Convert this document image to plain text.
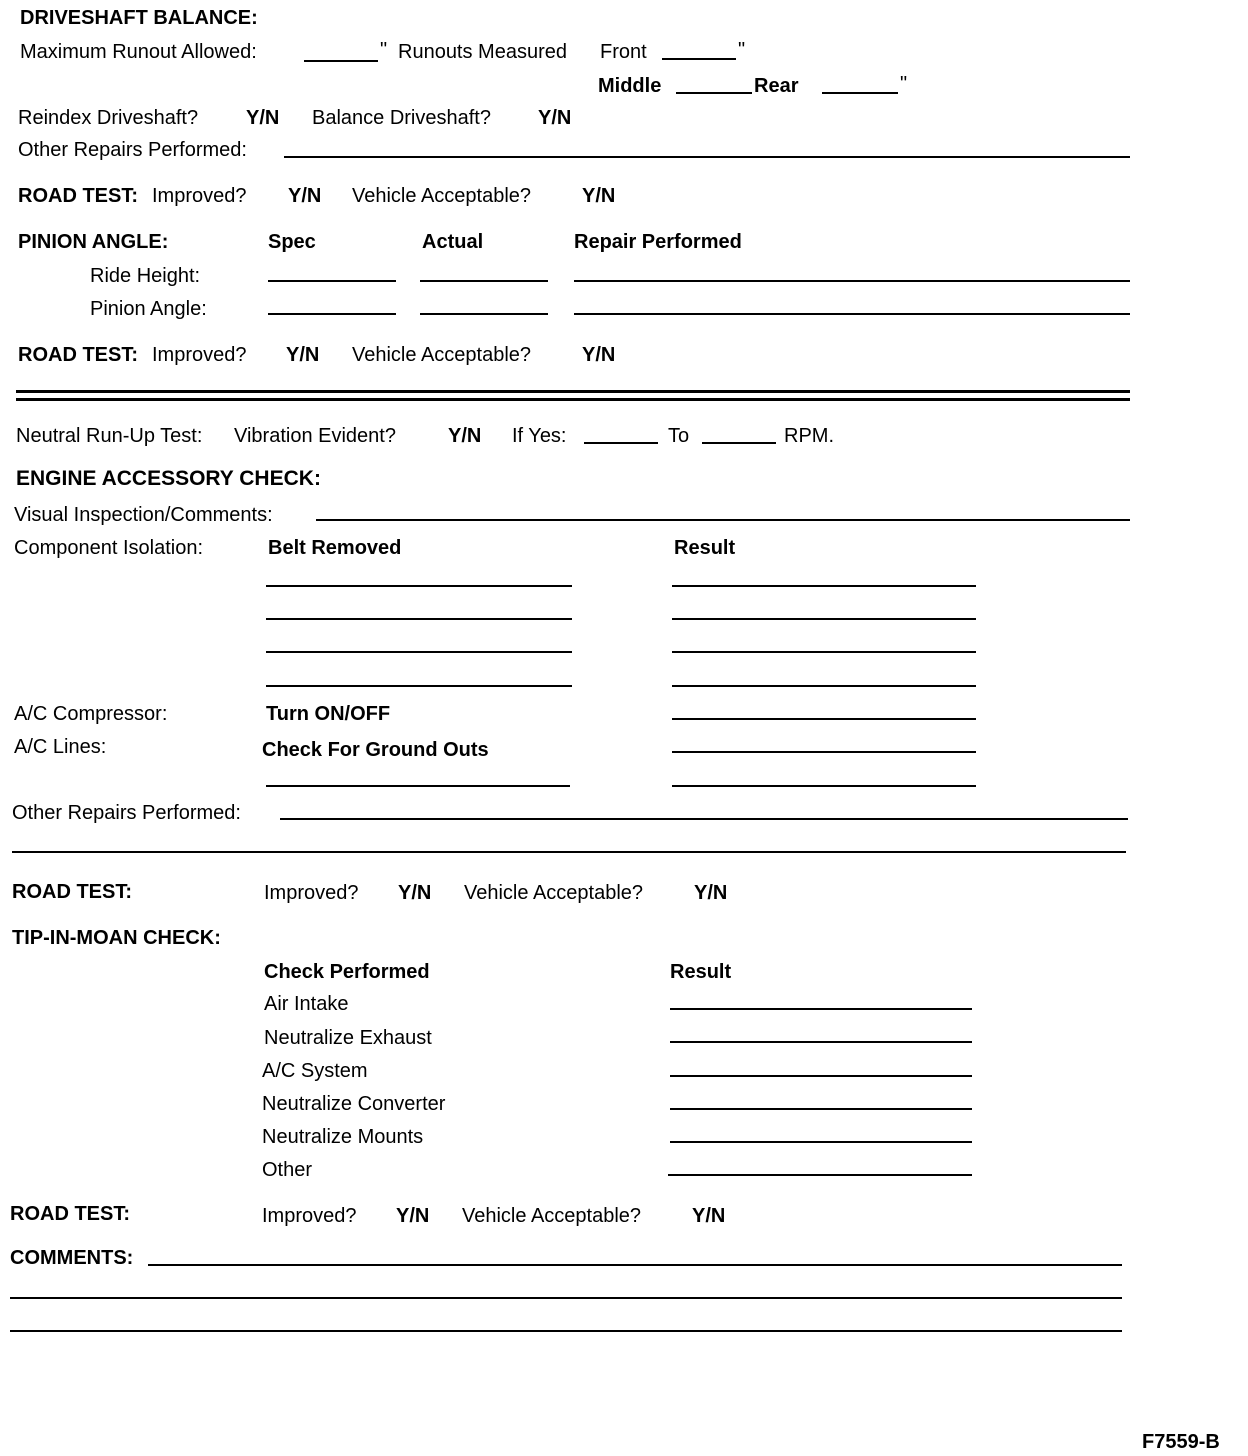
DRIVESHAFT BALANCE:
Maximum Runout Allowed:	" Runouts Measured Front	"
Middle	Rear	"
Reindex Driveshaft? Y/N Balance Driveshaft? Y/N
Other Repairs Performed:
ROAD TEST: Improved? Y/N Vehicle Acceptable?	Y/N
PINION ANGLE:	Spec	Actual	Repair Performed
Ride Height:
Pinion Angle:
ROAD TEST: Improved? Y/N Vehicle Acceptable?	Y/N
Neutral Run-Up Test: Vibration Evident?	Y/N If Yes:	To	RPM.
ENGINE ACCESSORY CHECK:
Visual Inspection/Comments:
Component Isolation:	Belt Removed	Result
A/C Compressor:	Turn ON/OFF
A/C Lines:	Check For Ground Outs
Other Repairs Performed:
ROAD TEST:	Improved? Y/N Vehicle Acceptable?	Y/N
TIP-IN-MOAN CHECK:
Check Performed	Result
Air Intake
Neutralize Exhaust
A/C System
Neutralize Converter
Neutralize Mounts
Other
ROAD TEST:	Improved? Y/N Vehicle Acceptable?	Y/N
COMMENTS:
F7559-B
